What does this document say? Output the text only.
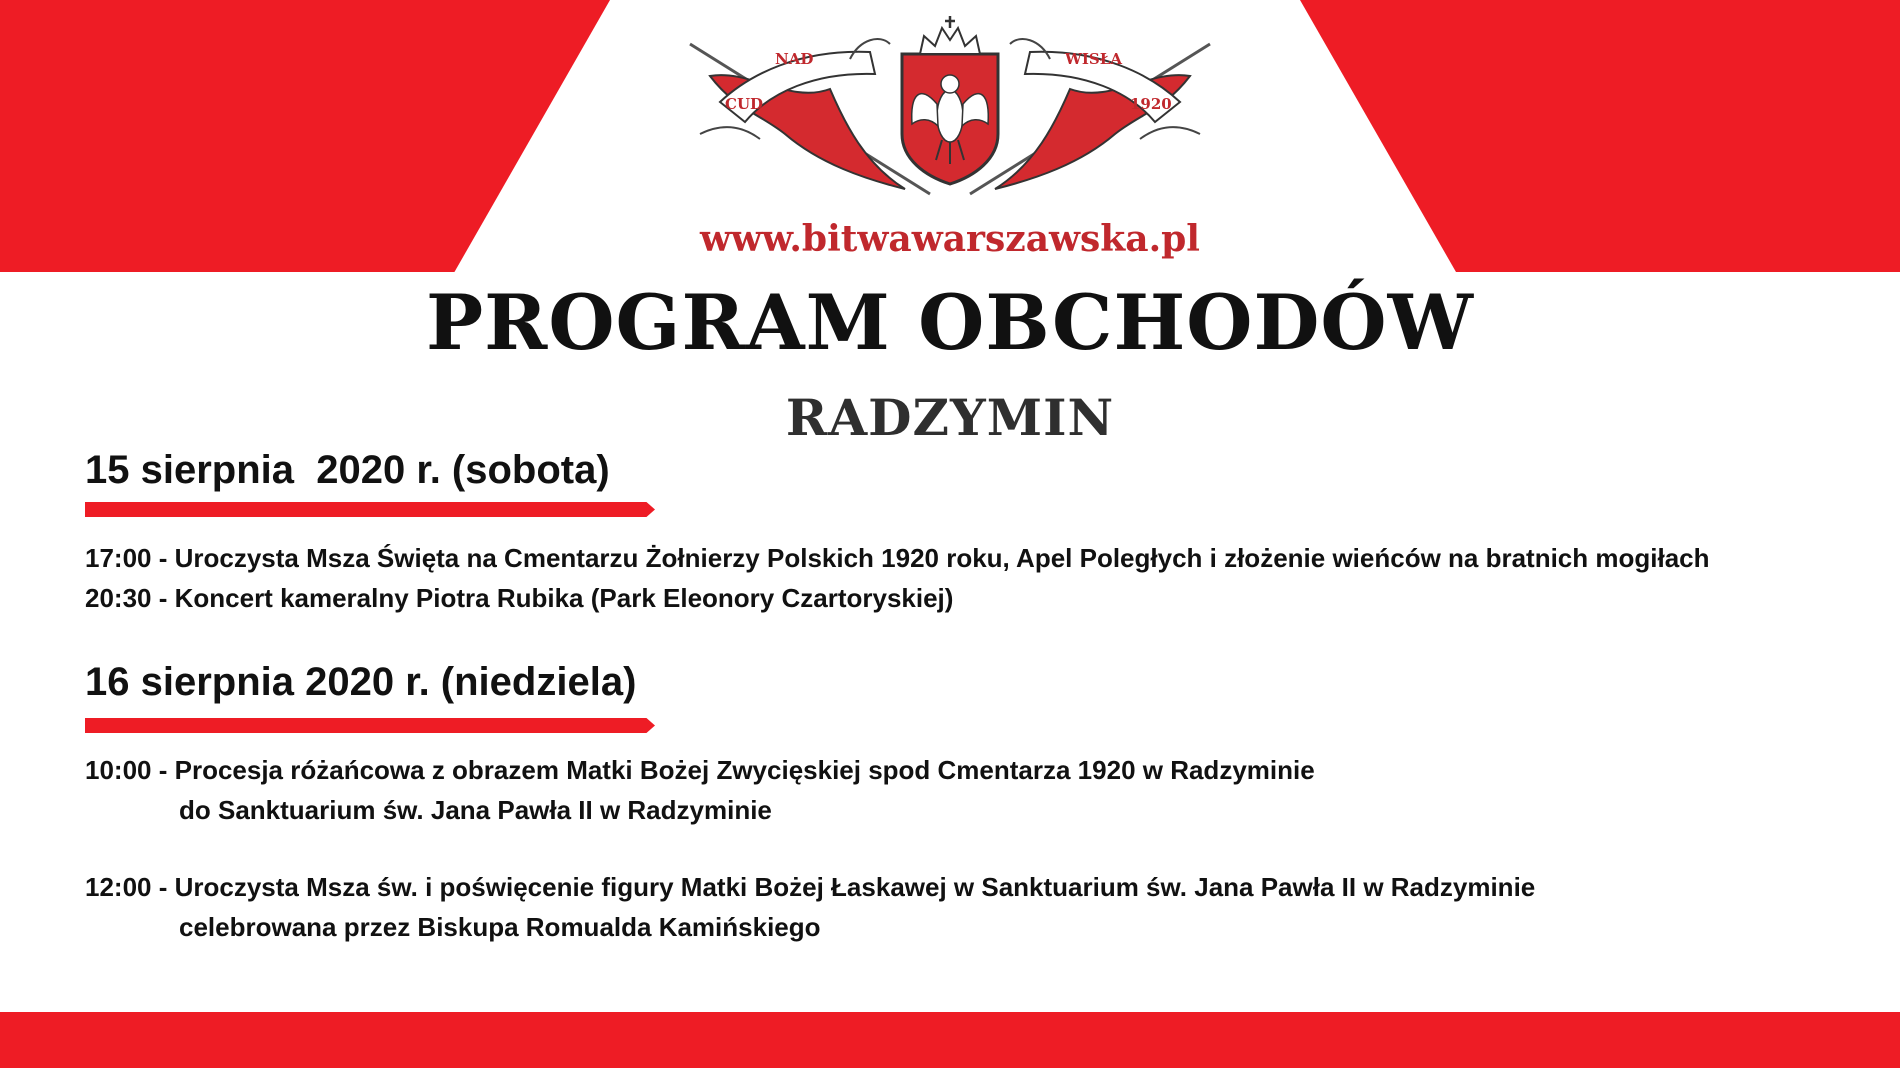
NAD
CUD
WISŁA
1920
www.bitwawarszawska.pl
PROGRAM OBCHODÓW
RADZYMIN
15 sierpnia  2020 r. (sobota)
17:00 - Uroczysta Msza Święta na Cmentarzu Żołnierzy Polskich 1920 roku, Apel Poległych i złożenie wieńców na bratnich mogiłach
20:30 - Koncert kameralny Piotra Rubika (Park Eleonory Czartoryskiej)
16 sierpnia 2020 r. (niedziela)
10:00 - Procesja różańcowa z obrazem Matki Bożej Zwycięskiej spod Cmentarza 1920 w Radzyminie
do Sanktuarium św. Jana Pawła II w Radzyminie
12:00 - Uroczysta Msza św. i poświęcenie figury Matki Bożej Łaskawej w Sanktuarium św. Jana Pawła II w Radzyminie
celebrowana przez Biskupa Romualda Kamińskiego
